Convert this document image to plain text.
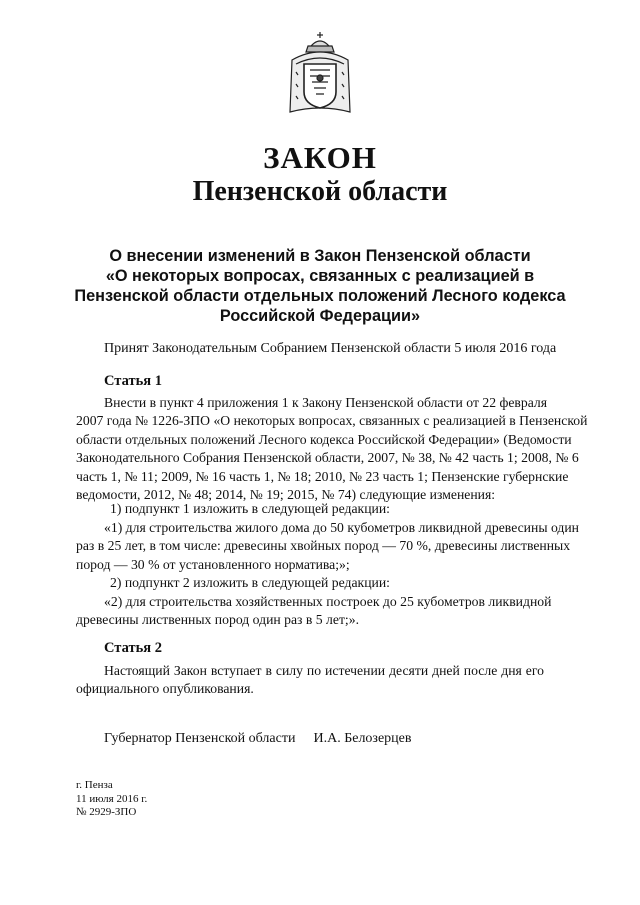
ЗАКОН
Пензенской области
О внесении изменений в Закон Пензенской области
«О некоторых вопросах, связанных с реализацией в
Пензенской области отдельных положений Лесного кодекса
Российской Федерации»
Принят Законодательным Собранием Пензенской области 5 июля 2016 года
Статья 1
Внести в пункт 4 приложения 1 к Закону Пензенской области от 22 февраля
2007 года № 1226-ЗПО «О некоторых вопросах, связанных с реализацией в Пензенской
области отдельных положений Лесного кодекса Российской Федерации» (Ведомости
Законодательного Собрания Пензенской области, 2007, № 38, № 42 часть 1; 2008, № 6
часть 1, № 11; 2009, № 16 часть 1, № 18; 2010, № 23 часть 1; Пензенские губернские
ведомости, 2012, № 48; 2014, № 19; 2015, № 74) следующие изменения:
1) подпункт 1 изложить в следующей редакции:
«1) для строительства жилого дома до 50 кубометров ликвидной древесины один
раз в 25 лет, в том числе: древесины хвойных пород — 70 %, древесины лиственных
пород — 30 % от установленного норматива;»;
2) подпункт 2 изложить в следующей редакции:
«2) для строительства хозяйственных построек до 25 кубометров ликвидной
древесины лиственных пород один раз в 5 лет;».
Статья 2
Настоящий Закон вступает в силу по истечении десяти дней после дня его
официального опубликования.
Губернатор Пензенской области И.А. Белозерцев
г. Пенза
11 июля 2016 г.
№ 2929-ЗПО
